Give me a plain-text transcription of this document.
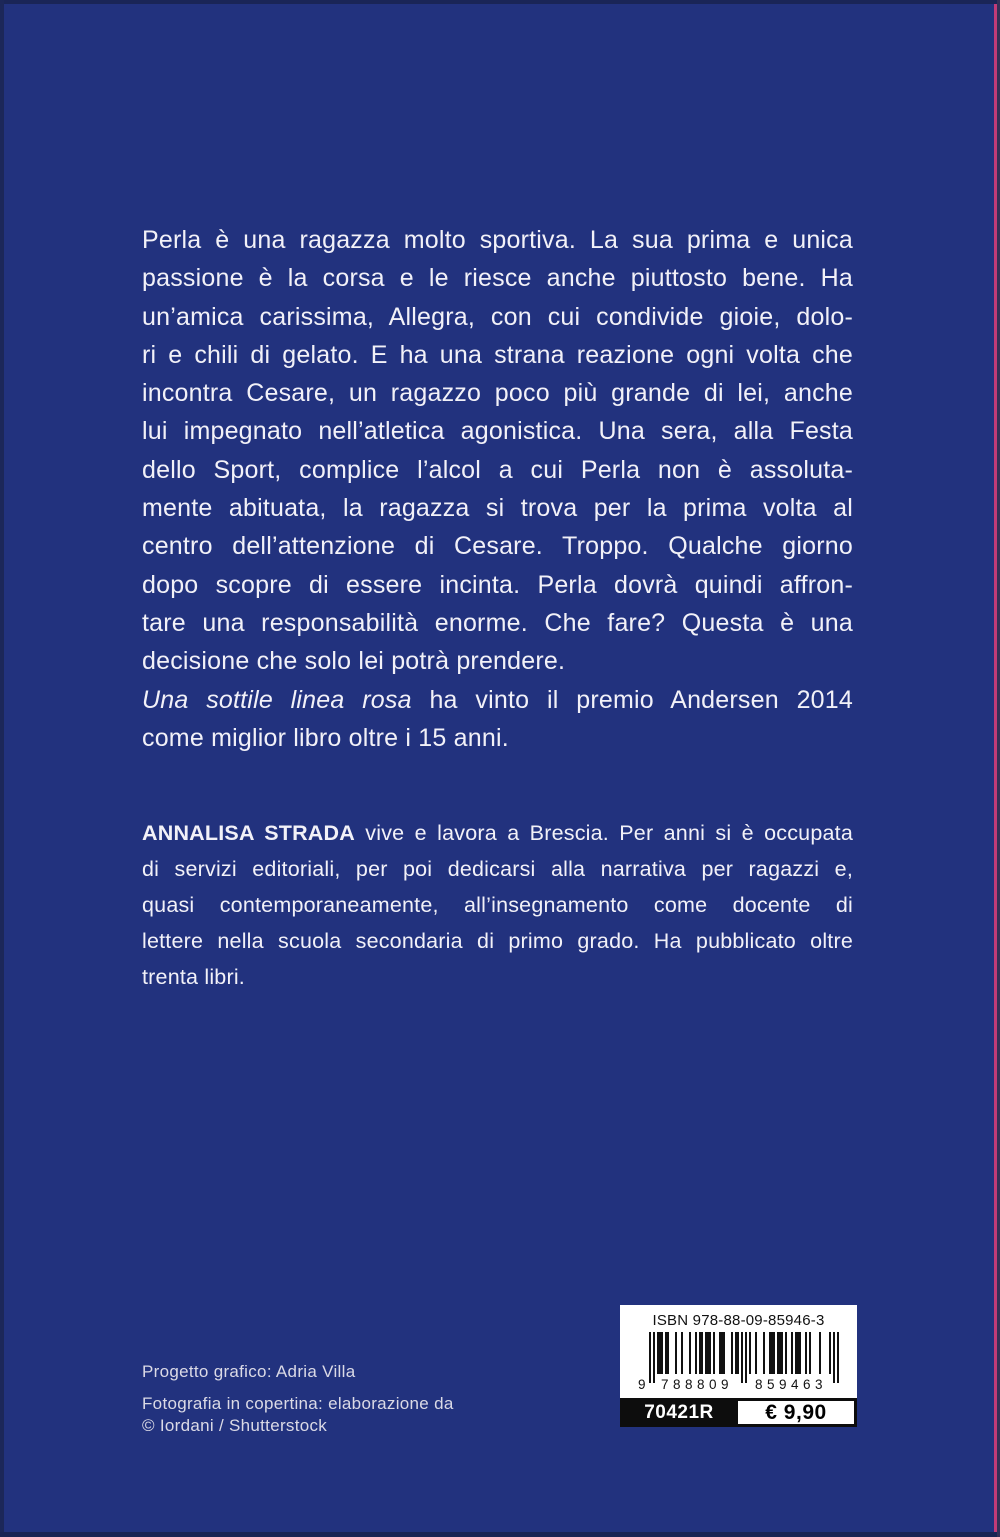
Perla è una ragazza molto sportiva. La sua prima e unica
passione è la corsa e le riesce anche piuttosto bene. Ha
un’amica carissima, Allegra, con cui condivide gioie, dolo-
ri e chili di gelato. E ha una strana reazione ogni volta che
incontra Cesare, un ragazzo poco più grande di lei, anche
lui impegnato nell’atletica agonistica. Una sera, alla Festa
dello Sport, complice l’alcol a cui Perla non è assoluta-
mente abituata, la ragazza si trova per la prima volta al
centro dell’attenzione di Cesare. Troppo. Qualche giorno
dopo scopre di essere incinta. Perla dovrà quindi affron-
tare una responsabilità enorme. Che fare? Questa è una
decisione che solo lei potrà prendere.
Una sottile linea rosa ha vinto il premio Andersen 2014
come miglior libro oltre i 15 anni.
ANNALISA STRADA vive e lavora a Brescia. Per anni si è occupata
di servizi editoriali, per poi dedicarsi alla narrativa per ragazzi e,
quasi contemporaneamente, all’insegnamento come docente di
lettere nella scuola secondaria di primo grado. Ha pubblicato oltre
trenta libri.
Progetto grafico: Adria Villa
Fotografia in copertina: elaborazione da
© Iordani / Shutterstock
ISBN 978-88-09-85946-3
9 788809 859463
70421R	€ 9,90
